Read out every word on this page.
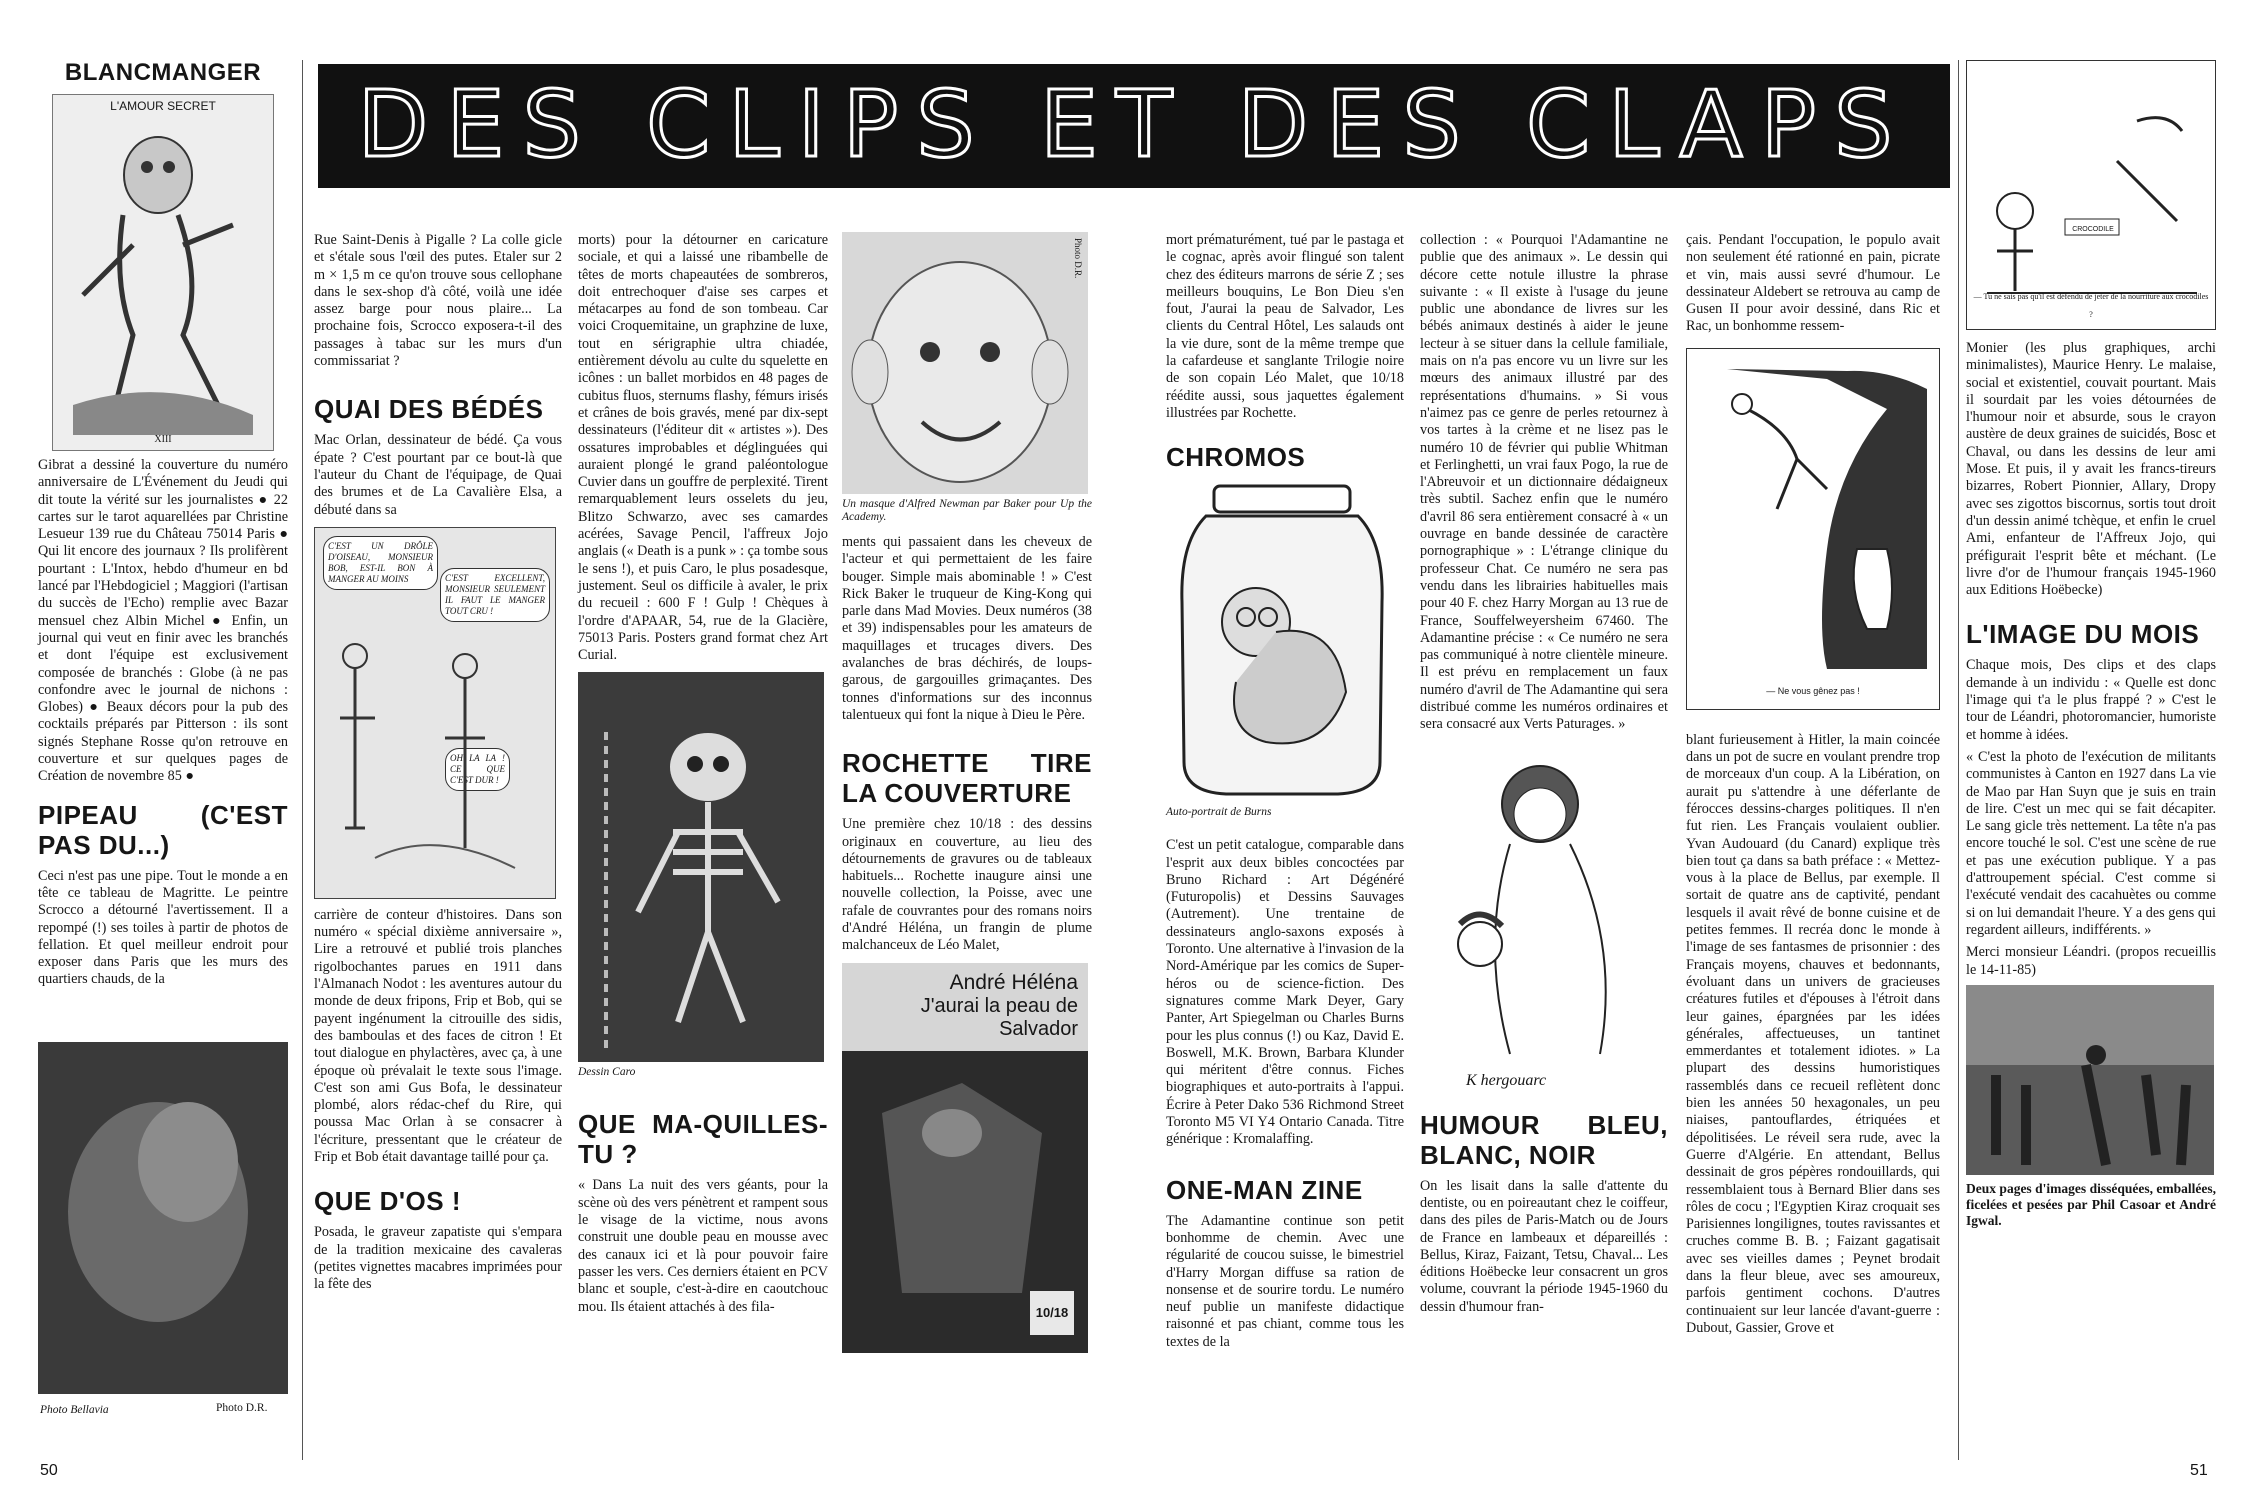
DES CLIPS ET DES CLAPS
BLANCMANGER
L'AMOUR SECRET
XIII

Gibrat a dessiné la couverture du numéro anniversaire de L'Événement du Jeudi qui dit toute la vérité sur les journalistes ● 22 cartes sur le tarot aquarellées par Christine Lesueur 139 rue du Château 75014 Paris ● Qui lit encore des journaux ? Ils prolifèrent pourtant : L'Intox, hebdo d'humeur en bd lancé par l'Hebdogiciel ; Maggiori (l'artisan du succès de l'Echo) remplie avec Bazar mensuel chez Albin Michel ● Enfin, un journal qui veut en finir avec les branchés et dont l'équipe est exclusivement composée de branchés : Globe (à ne pas confondre avec le journal de nichons : Globes) ● Beaux décors pour la pub des cocktails préparés par Pitterson : ils sont signés Stephane Rosse qu'on retrouve en couverture et sur quelques pages de Création de novembre 85 ●

PIPEAU (C'EST PAS DU...)

Ceci n'est pas une pipe. Tout le monde a en tête ce tableau de Magritte. Le peintre Scrocco a détourné l'avertissement. Il a repompé (!) ses toiles à partir de photos de fellation. Et quel meilleur endroit pour exposer dans Paris que les murs des quartiers chauds, de la

Photo Bellavia	Photo D.R.

Rue Saint-Denis à Pigalle ? La colle gicle et s'étale sous l'œil des putes. Etaler sur 2 m × 1,5 m ce qu'on trouve sous cellophane dans le sex-shop d'à côté, voilà une idée assez barge pour nous plaire... La prochaine fois, Scrocco exposera-t-il des passages à tabac sur les murs d'un commissariat ?

QUAI DES BÉDÉS

Mac Orlan, dessinateur de bédé. Ça vous épate ? C'est pourtant par ce bout-là que l'auteur du Chant de l'équipage, de Quai des brumes et de La Cavalière Elsa, a débuté dans sa

C'EST UN DRÔLE D'OISEAU, MONSIEUR BOB, EST-IL BON À MANGER AU MOINS	C'EST EXCELLENT, MONSIEUR SEULEMENT IL FAUT LE MANGER TOUT CRU !
OH LA LA ! CE QUE C'EST DUR !

carrière de conteur d'histoires. Dans son numéro « spécial dixième anniversaire », Lire a retrouvé et publié trois planches rigolbochantes parues en 1911 dans l'Almanach Nodot : les aventures autour du monde de deux fripons, Frip et Bob, qui se payent ingénument la citrouille des sidis, des bamboulas et des faces de citron ! Et tout dialogue en phylactères, avec ça, à une époque où prévalait le texte sous l'image. C'est son ami Gus Bofa, le dessinateur plombé, alors rédac-chef du Rire, qui poussa Mac Orlan à se consacrer à l'écriture, pressentant que le créateur de Frip et Bob était davantage taillé pour ça.

QUE D'OS !

Posada, le graveur zapatiste qui s'empara de la tradition mexicaine des cavaleras (petites vignettes macabres imprimées pour la fête des

morts) pour la détourner en caricature sociale, et qui a laissé une ribambelle de têtes de morts chapeautées de sombreros, doit entrechoquer d'aise ses carpes et métacarpes au fond de son tombeau. Car voici Croquemitaine, un graphzine de luxe, tout en sérigraphie ultra chiadée, entièrement dévolu au culte du squelette en icônes : un ballet morbidos en 48 pages de cubitus fluos, sternums flashy, fémurs irisés et crânes de bois gravés, mené par dix-sept dessinateurs (l'éditeur dit « artistes »). Des ossatures improbables et déglinguées qui auraient plongé le grand paléontologue Cuvier dans un gouffre de perplexité. Tirent remarquablement leurs osselets du jeu, Blitzo Schwarzo, avec ses camardes acérées, Savage Pencil, l'affreux Jojo anglais (« Death is a punk » : ça tombe sous le sens !), et puis Caro, le plus posadesque, justement. Seul os difficile à avaler, le prix du recueil : 600 F ! Gulp ! Chèques à l'ordre d'APAAR, 54, rue de la Glacière, 75013 Paris. Posters grand format chez Art Curial.

Dessin Caro
QUE MA-QUILLES-TU ?

« Dans La nuit des vers géants, pour la scène où des vers pénètrent et rampent sous le visage de la victime, nous avons construit une double peau en mousse avec des canaux ici et là pour pouvoir faire passer les vers. Ces derniers étaient en PCV blanc et souple, c'est-à-dire en caoutchouc mou. Ils étaient attachés à des fila-

Photo D.R.
Un masque d'Alfred Newman par Baker pour Up the Academy.

ments qui passaient dans les cheveux de l'acteur et qui permettaient de les faire bouger. Simple mais abominable ! » C'est Rick Baker le truqueur de King-Kong qui parle dans Mad Movies. Deux numéros (38 et 39) indispensables pour les amateurs de maquillages et trucages divers. Des avalanches de bras déchirés, de loups-garous, de gargouilles grimaçantes. Des tonnes d'informations sur des inconnus talentueux qui font la nique à Dieu le Père.

ROCHETTE TIRE LA COUVERTURE

Une première chez 10/18 : des dessins originaux en couverture, au lieu des détournements de gravures ou de tableaux habituels... Rochette inaugure ainsi une nouvelle collection, la Poisse, avec une rafale de couvrantes pour des romans noirs d'André Héléna, un frangin de plume malchanceux de Léo Malet,

André Héléna
J'aurai la peau de Salvador
10/18

mort prématurément, tué par le pastaga et le cognac, après avoir flingué son talent chez des éditeurs marrons de série Z ; ses meilleurs bouquins, Le Bon Dieu s'en fout, J'aurai la peau de Salvador, Les clients du Central Hôtel, Les salauds ont la vie dure, sont de la même trempe que la cafardeuse et sanglante Trilogie noire de son copain Léo Malet, que 10/18 réédite aussi, sous jaquettes également illustrées par Rochette.

CHROMOS
Auto-portrait de Burns

C'est un petit catalogue, comparable dans l'esprit aux deux bibles concoctées par Bruno Richard : Art Dégénéré (Futuropolis) et Dessins Sauvages (Autrement). Une trentaine de dessinateurs anglo-saxons exposés à Toronto. Une alternative à l'invasion de la Nord-Amérique par les comics de Super-héros ou de science-fiction. Des signatures comme Mark Deyer, Gary Panter, Art Spiegelman ou Charles Burns pour les plus connus (!) ou Kaz, David E. Boswell, M.K. Brown, Barbara Klunder qui méritent d'être connus. Fiches biographiques et auto-portraits à l'appui. Écrire à Peter Dako 536 Richmond Street Toronto M5 VI Y4 Ontario Canada. Titre générique : Kromalaffing.

ONE-MAN ZINE

The Adamantine continue son petit bonhomme de chemin. Avec une régularité de coucou suisse, le bimestriel d'Harry Morgan diffuse sa ration de nonsense et de sourire tordu. Le numéro neuf publie un manifeste didactique raisonné et pas chiant, comme tous les textes de la

collection : « Pourquoi l'Adamantine ne publie que des animaux ». Le dessin qui décore cette notule illustre la phrase suivante : « Il existe à l'usage du jeune public une abondance de livres sur les bébés animaux destinés à aider le jeune lecteur à se situer dans la cellule familiale, mais on n'a pas encore vu un livre sur les mœurs des animaux illustré par des représentations d'humains. » Si vous n'aimez pas ce genre de perles retournez à vos tartes à la crème et ne lisez pas le numéro 10 de février qui publie Whitman et Ferlinghetti, un vrai faux Pogo, la rue de l'Abreuvoir et un dictionnaire dédaigneux très subtil. Sachez enfin que le numéro d'avril 86 sera entièrement consacré à « un ouvrage en bande dessinée de caractère pornographique » : L'étrange clinique du professeur Chat. Ce numéro ne sera pas vendu dans les librairies habituelles mais pour 40 F. chez Harry Morgan au 13 rue de France, Souffelweyersheim 67460. The Adamantine précise : « Ce numéro ne sera pas communiqué à notre clientèle mineure. Il est prévu en remplacement un faux numéro d'avril de The Adamantine qui sera distribué comme les numéros ordinaires et sera consacré aux Verts Paturages. »

K hergouarc
HUMOUR BLEU, BLANC, NOIR

On les lisait dans la salle d'attente du dentiste, ou en poireautant chez le coiffeur, dans des piles de Paris-Match ou de Jours de France en lambeaux et dépareillés : Bellus, Kiraz, Faizant, Tetsu, Chaval... Les éditions Hoëbecke leur consacrent un gros volume, couvrant la période 1945-1960 du dessin d'humour fran-

çais. Pendant l'occupation, le populo avait non seulement été rationné en pain, picrate et vin, mais aussi sevré d'humour. Le dessinateur Aldebert se retrouva au camp de Gusen II pour avoir dessiné, dans Ric et Rac, un bonhomme ressem-

— Ne vous gênez pas !

blant furieusement à Hitler, la main coincée dans un pot de sucre en voulant prendre trop de morceaux d'un coup. A la Libération, on aurait pu s'attendre à une déferlante de férocces dessins-charges politiques. Il n'en fut rien. Les Français voulaient oublier. Yvan Audouard (du Canard) explique très bien tout ça dans sa bath préface : « Mettez-vous à la place de Bellus, par exemple. Il sortait de quatre ans de captivité, pendant lesquels il avait rêvé de bonne cuisine et de petites femmes. Il recréa donc le monde à l'image de ses fantasmes de prisonnier : des Français moyens, chauves et bedonnants, évoluant dans un univers de gracieuses créatures futiles et d'épouses à l'étroit dans leur gaines, épargnées par les idées générales, affectueuses, un tantinet emmerdantes et totalement idiotes. » La plupart des dessins humoristiques rassemblés dans ce recueil reflètent donc bien les années 50 hexagonales, un peu niaises, pantouflardes, étriquées et dépolitisées. Le réveil sera rude, avec la Guerre d'Algérie. En attendant, Bellus dessinait de gros pépères rondouillards, qui ressemblaient tous à Bernard Blier dans ses rôles de cocu ; l'Egyptien Kiraz croquait ses Parisiennes longilignes, toutes ravissantes et cruches comme B. B. ; Faizant gagatisait avec ses vieilles dames ; Peynet brodait dans la fleur bleue, avec ses amoureux, parfois gentiment cochons. D'autres continuaient sur leur lancée d'avant-guerre : Dubout, Gassier, Grove et

CROCODILE
— Tu ne sais pas qu'il est défendu de jeter de la nourriture aux crocodiles ?

Monier (les plus graphiques, archi minimalistes), Maurice Henry. Le malaise, social et existentiel, couvait pourtant. Mais il sourdait par les voies détournées de l'humour noir et absurde, sous le crayon austère de deux graines de suicidés, Bosc et Chaval, ou dans les dessins de leur ami Mose. Et puis, il y avait les francs-tireurs bizarres, Robert Pionnier, Allary, Dropy avec ses zigottos biscornus, sortis tout droit d'un dessin animé tchèque, et enfin le cruel Ami, enfanteur de l'Affreux Jojo, qui préfigurait l'esprit bête et méchant. (Le livre d'or de l'humour français 1945-1960 aux Editions Hoëbecke)

L'IMAGE DU MOIS

Chaque mois, Des clips et des claps demande à un individu : « Quelle est donc l'image qui t'a le plus frappé ? » C'est le tour de Léandri, photoromancier, humoriste et homme à idées.

« C'est la photo de l'exécution de militants communistes à Canton en 1927 dans La vie de Mao par Han Suyn que je suis en train de lire. C'est un mec qui se fait décapiter. Le sang gicle très nettement. La tête n'a pas encore touché le sol. C'est une scène de rue et pas une exécution publique. Y a pas d'attroupement spécial. C'est comme si l'exécuté vendait des cacahuètes ou comme si on lui demandait l'heure. Y a des gens qui regardent ailleurs, indifférents. »

Merci monsieur Léandri. (propos recueillis le 14-11-85)

Deux pages d'images disséquées, emballées, ficelées et pesées par Phil Casoar et André Igwal.

50	51
